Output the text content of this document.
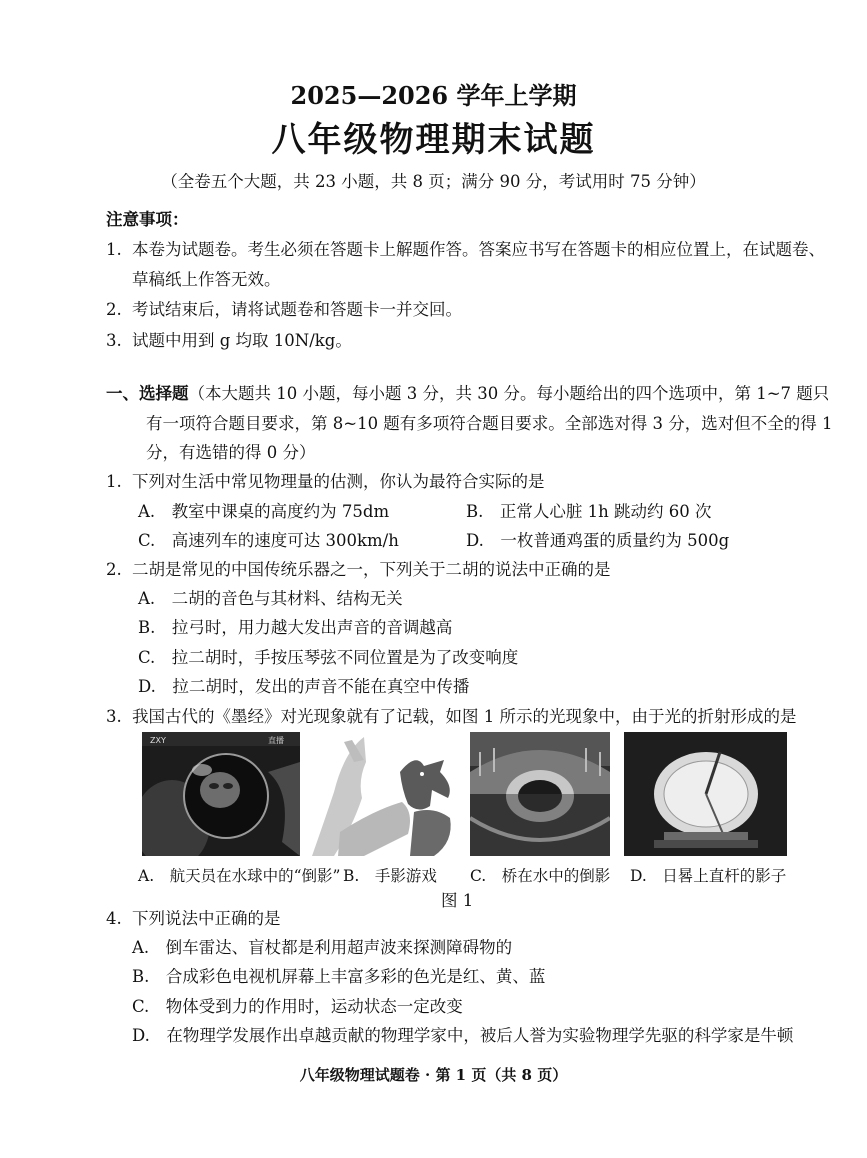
2025—2026 学年上学期
八年级物理期末试题
（全卷五个大题，共 23 小题，共 8 页；满分 90 分，考试用时 75 分钟）
注意事项：
1. 本卷为试题卷。考生必须在答题卡上解题作答。答案应书写在答题卡的相应位置上，在试题卷、
草稿纸上作答无效。
2. 考试结束后，请将试题卷和答题卡一并交回。
3. 试题中用到 g 均取 10N/kg。
一、选择题（本大题共 10 小题，每小题 3 分，共 30 分。每小题给出的四个选项中，第 1~7 题只
有一项符合题目要求，第 8~10 题有多项符合题目要求。全部选对得 3 分，选对但不全的得 1
分，有选错的得 0 分）
1. 下列对生活中常见物理量的估测，你认为最符合实际的是
A.　教室中课桌的高度约为 75dm	B.　正常人心脏 1h 跳动约 60 次
C.　高速列车的速度可达 300km/h	D.　一枚普通鸡蛋的质量约为 500g
2. 二胡是常见的中国传统乐器之一，下列关于二胡的说法中正确的是
A.　二胡的音色与其材料、结构无关
B.　拉弓时，用力越大发出声音的音调越高
C.　拉二胡时，手按压琴弦不同位置是为了改变响度
D.　拉二胡时，发出的声音不能在真空中传播
3. 我国古代的《墨经》对光现象就有了记载，如图 1 所示的光现象中，由于光的折射形成的是
ZXY	直播
A.　航天员在水球中的“倒影” B.　手影游戏 C.　桥在水中的倒影 D.　日晷上直杆的影子
图 1
4. 下列说法中正确的是
A.　倒车雷达、盲杖都是利用超声波来探测障碍物的
B.　合成彩色电视机屏幕上丰富多彩的色光是红、黄、蓝
C.　物体受到力的作用时，运动状态一定改变
D.　在物理学发展作出卓越贡献的物理学家中，被后人誉为实验物理学先驱的科学家是牛顿
八年级物理试题卷 · 第 1 页（共 8 页）
